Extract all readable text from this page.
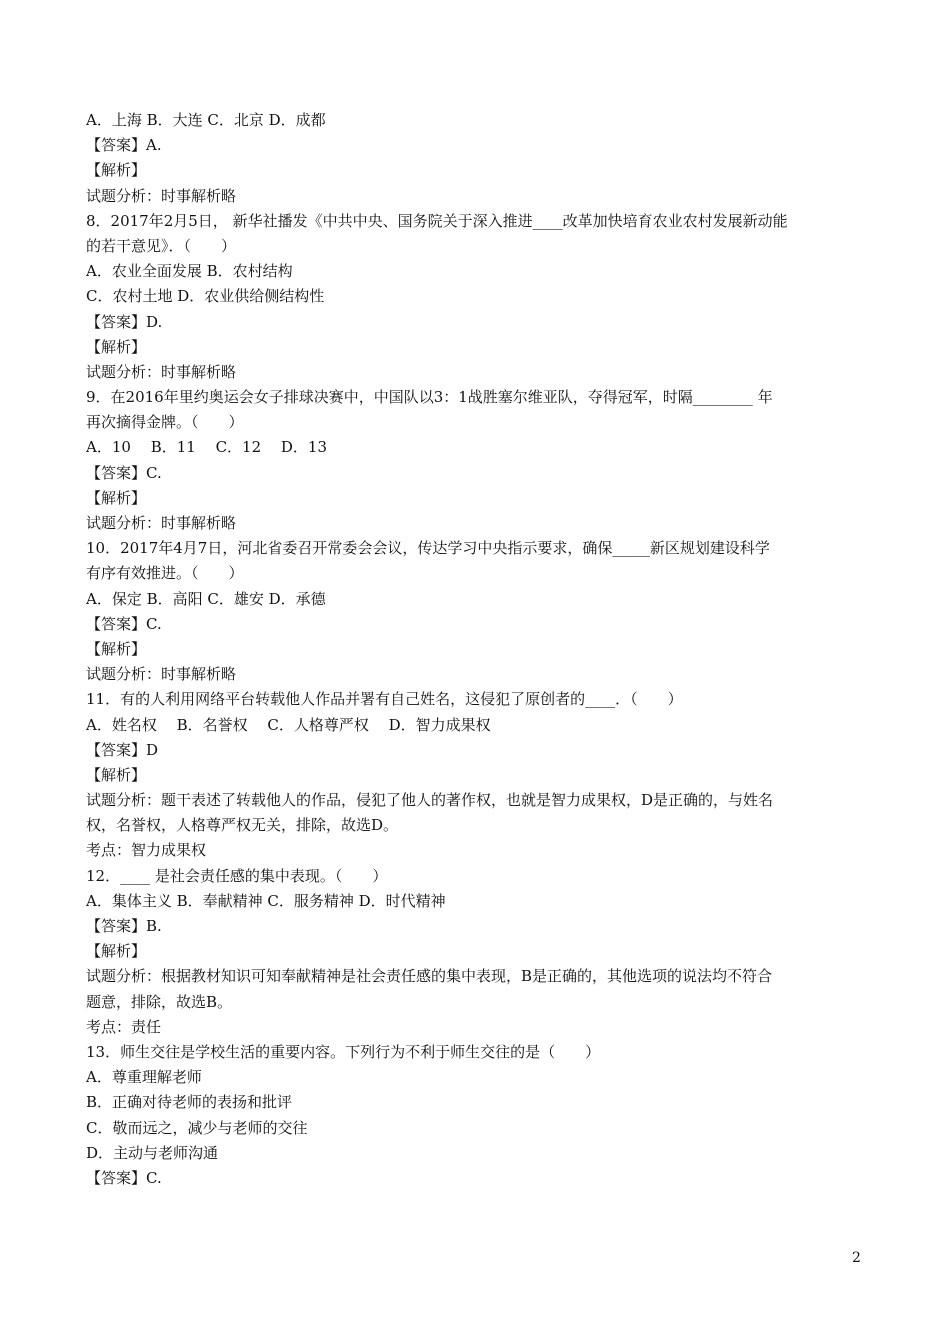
A．上海 B．大连 C．北京 D．成都
【答案】A.
【解析】
试题分析：时事解析略
8．2017年2月5日， 新华社播发《中共中央、国务院关于深入推进____改革加快培育农业农村发展新动能
的若干意见》．（　　）
A．农业全面发展 B．农村结构
C．农村土地 D．农业供给侧结构性
【答案】D.
【解析】
试题分析：时事解析略
9．在2016年里约奥运会女子排球决赛中，中国队以3：1战胜塞尔维亚队，夺得冠军，时隔________ 年
再次摘得金牌。（　　）
A．10　 B．11　 C．12　 D．13
【答案】C.
【解析】
试题分析：时事解析略
10．2017年4月7日，河北省委召开常委会会议，传达学习中央指示要求，确保_____新区规划建设科学
有序有效推进。（　　）
A．保定 B．高阳 C．雄安 D．承德
【答案】C.
【解析】
试题分析：时事解析略
11．有的人利用网络平台转载他人作品并署有自己姓名，这侵犯了原创者的____．（　　）
A．姓名权　 B．名誉权　 C．人格尊严权　 D．智力成果权
【答案】D
【解析】
试题分析：题干表述了转载他人的作品，侵犯了他人的著作权，也就是智力成果权，D是正确的，与姓名
权，名誉权，人格尊严权无关，排除，故选D。
考点：智力成果权
12．____ 是社会责任感的集中表现。（　　）
A．集体主义 B．奉献精神 C．服务精神 D．时代精神
【答案】B.
【解析】
试题分析：根据教材知识可知奉献精神是社会责任感的集中表现，B是正确的，其他选项的说法均不符合
题意，排除，故选B。
考点：责任
13．师生交往是学校生活的重要内容。下列行为不利于师生交往的是（　　）
A．尊重理解老师
B．正确对待老师的表扬和批评
C．敬而远之，减少与老师的交往
D．主动与老师沟通
【答案】C.
2
